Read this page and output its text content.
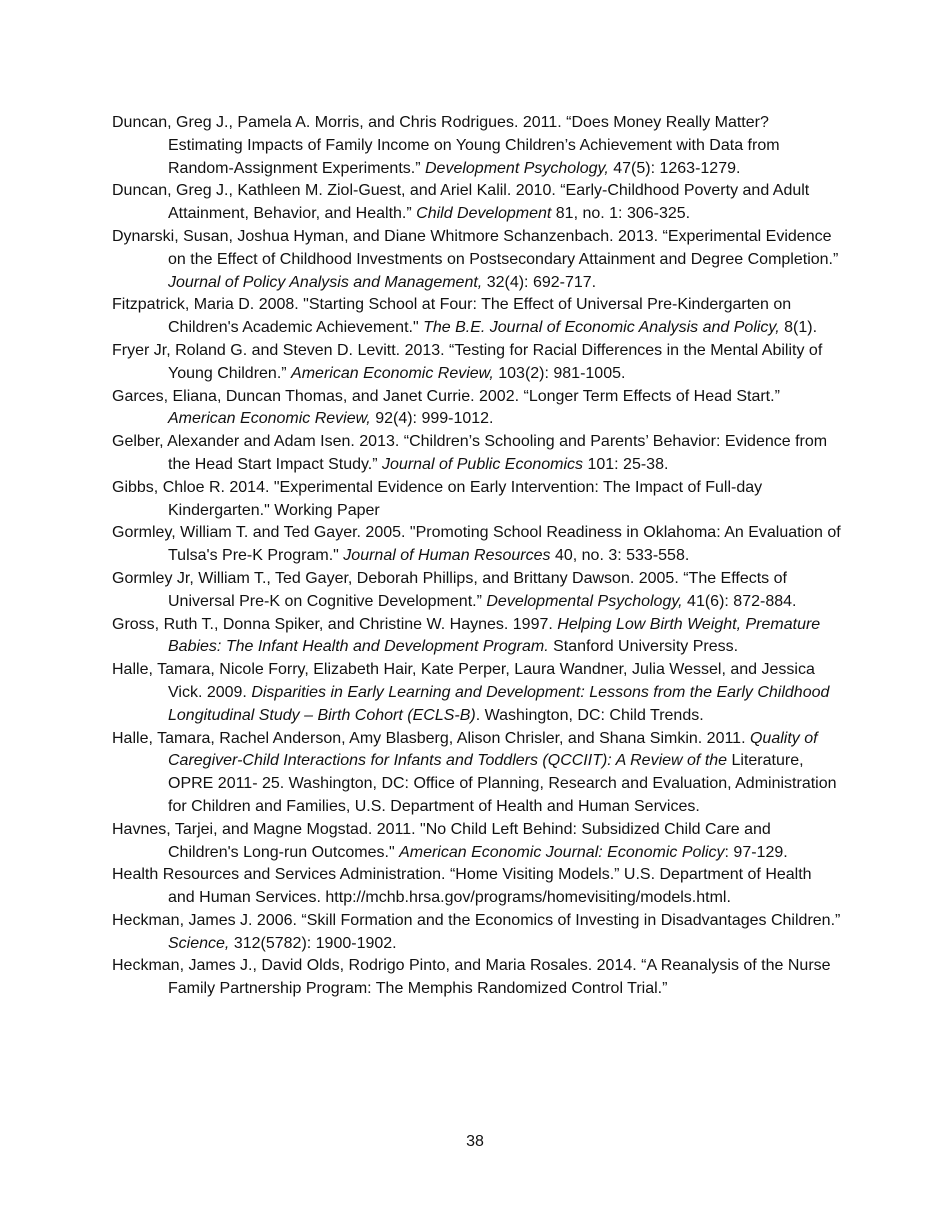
Duncan, Greg J., Pamela A. Morris, and Chris Rodrigues. 2011. “Does Money Really Matter? Estimating Impacts of Family Income on Young Children’s Achievement with Data from Random-Assignment Experiments.” Development Psychology, 47(5): 1263-1279.

Duncan, Greg J., Kathleen M. Ziol-Guest, and Ariel Kalil. 2010. “Early-Childhood Poverty and Adult Attainment, Behavior, and Health.” Child Development 81, no. 1: 306-325.

Dynarski, Susan, Joshua Hyman, and Diane Whitmore Schanzenbach. 2013. “Experimental Evidence on the Effect of Childhood Investments on Postsecondary Attainment and Degree Completion.” Journal of Policy Analysis and Management, 32(4): 692-717.

Fitzpatrick, Maria D. 2008. "Starting School at Four: The Effect of Universal Pre-Kindergarten on Children's Academic Achievement." The B.E. Journal of Economic Analysis and Policy, 8(1).

Fryer Jr, Roland G. and Steven D. Levitt. 2013. “Testing for Racial Differences in the Mental Ability of Young Children.” American Economic Review, 103(2): 981-1005.

Garces, Eliana, Duncan Thomas, and Janet Currie. 2002. “Longer Term Effects of Head Start.” American Economic Review, 92(4): 999-1012.

Gelber, Alexander and Adam Isen. 2013. “Children’s Schooling and Parents’ Behavior: Evidence from the Head Start Impact Study.” Journal of Public Economics 101: 25-38.

Gibbs, Chloe R. 2014. "Experimental Evidence on Early Intervention: The Impact of Full-day Kindergarten." Working Paper

Gormley, William T. and Ted Gayer. 2005. "Promoting School Readiness in Oklahoma: An Evaluation of Tulsa's Pre-K Program." Journal of Human Resources 40, no. 3: 533-558.

Gormley Jr, William T., Ted Gayer, Deborah Phillips, and Brittany Dawson. 2005. “The Effects of Universal Pre-K on Cognitive Development.” Developmental Psychology, 41(6): 872-884.

Gross, Ruth T., Donna Spiker, and Christine W. Haynes. 1997. Helping Low Birth Weight, Premature Babies: The Infant Health and Development Program. Stanford University Press.

Halle, Tamara, Nicole Forry, Elizabeth Hair, Kate Perper, Laura Wandner, Julia Wessel, and Jessica Vick. 2009. Disparities in Early Learning and Development: Lessons from the Early Childhood Longitudinal Study – Birth Cohort (ECLS-B). Washington, DC: Child Trends.

Halle, Tamara, Rachel Anderson, Amy Blasberg, Alison Chrisler, and Shana Simkin. 2011. Quality of Caregiver-Child Interactions for Infants and Toddlers (QCCIIT): A Review of the Literature, OPRE 2011- 25. Washington, DC: Office of Planning, Research and Evaluation, Administration for Children and Families, U.S. Department of Health and Human Services.

Havnes, Tarjei, and Magne Mogstad. 2011. "No Child Left Behind: Subsidized Child Care and Children's Long-run Outcomes." American Economic Journal: Economic Policy: 97-129.

Health Resources and Services Administration. “Home Visiting Models.” U.S. Department of Health and Human Services. http://mchb.hrsa.gov/programs/homevisiting/models.html.

Heckman, James J. 2006. “Skill Formation and the Economics of Investing in Disadvantages Children.” Science, 312(5782): 1900-1902.

Heckman, James J., David Olds, Rodrigo Pinto, and Maria Rosales. 2014. “A Reanalysis of the Nurse Family Partnership Program: The Memphis Randomized Control Trial.”

38
